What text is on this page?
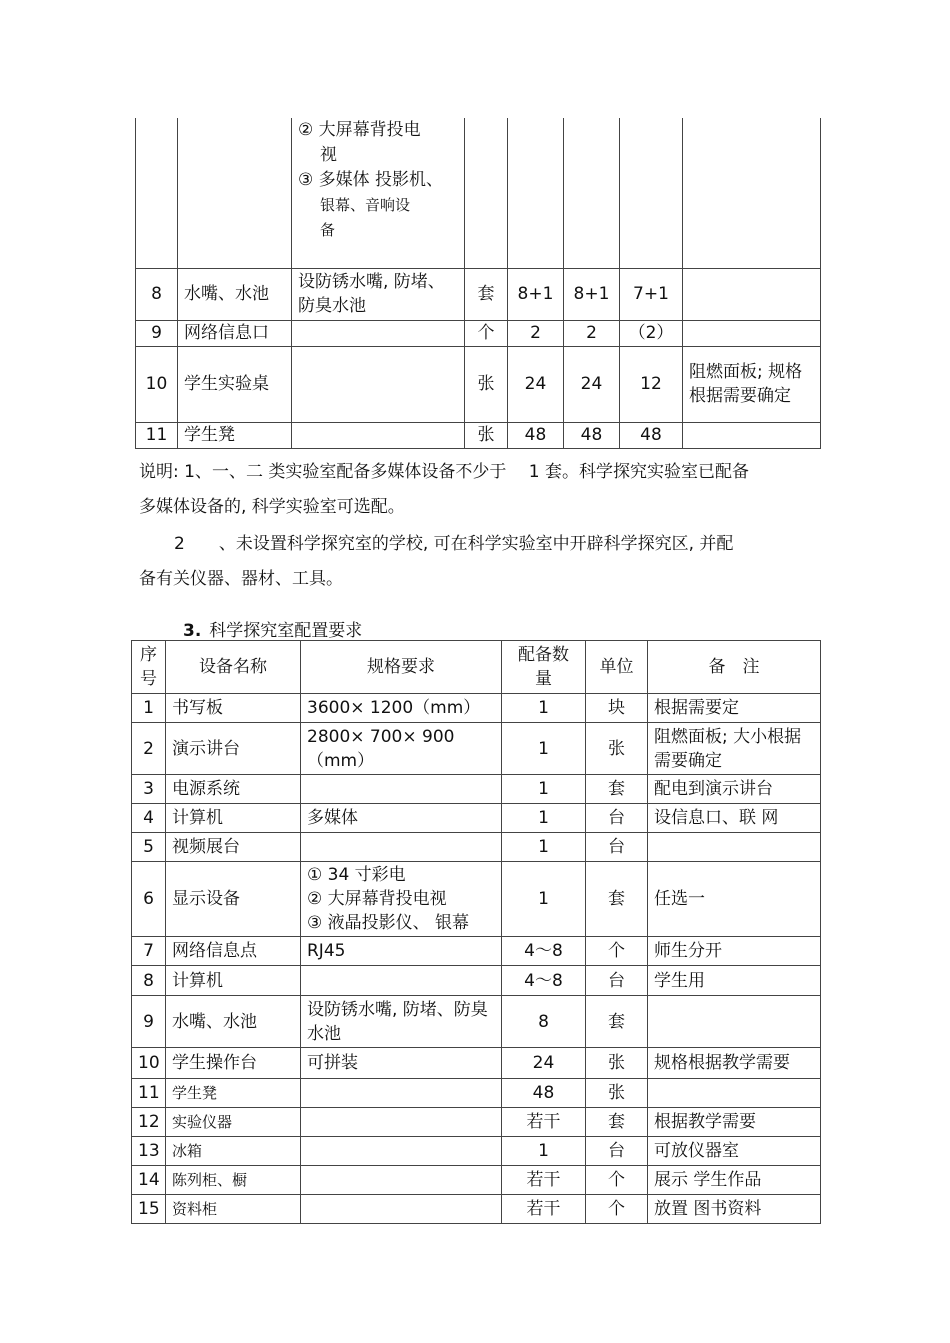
		② 大屏幕背投电
视
③ 多媒体 投影机、
银幕、音响设
备					

8	水嘴、水池	设防锈水嘴, 防堵、防臭水池	套	8+1	8+1	7+1	
9	网络信息口		个	2	2	（2）	
10	学生实验桌		张	24	24	12	阻燃面板; 规格根据需要确定
11	学生凳		张	48	48	48	
说明: 1、一、二 类实验室配备多媒体设备不少于　 1 套。科学探究实验室已配备
多媒体设备的, 科学实验室可选配。
2　　、未设置科学探究室的学校, 可在科学实验室中开辟科学探究区, 并配
备有关仪器、器材、工具。
3. 科学探究室配置要求
序号	设备名称	规格要求	配备数量	单位	备　注
1	书写板	3600× 1200（mm）	1	块	根据需要定
2	演示讲台	2800× 700× 900（mm）	1	张	阻燃面板; 大小根据需要确定
3	电源系统		1	套	配电到演示讲台
4	计算机	多媒体	1	台	设信息口、联 网
5	视频展台		1	台	
6	显示设备	① 34 寸彩电
② 大屏幕背投电视
③ 液晶投影仪、 银幕	1	套	任选一
7	网络信息点	RJ45	4～8	个	师生分开
8	计算机		4～8	台	学生用
9	水嘴、水池	设防锈水嘴, 防堵、防臭水池	8	套	
10	学生操作台	可拼装	24	张	规格根据教学需要
11	学生凳		48	张	
12	实验仪器		若干	套	根据教学需要
13	冰箱		1	台	可放仪器室
14	陈列柜、橱		若干	个	展示 学生作品
15	资料柜		若干	个	放置 图书资料
